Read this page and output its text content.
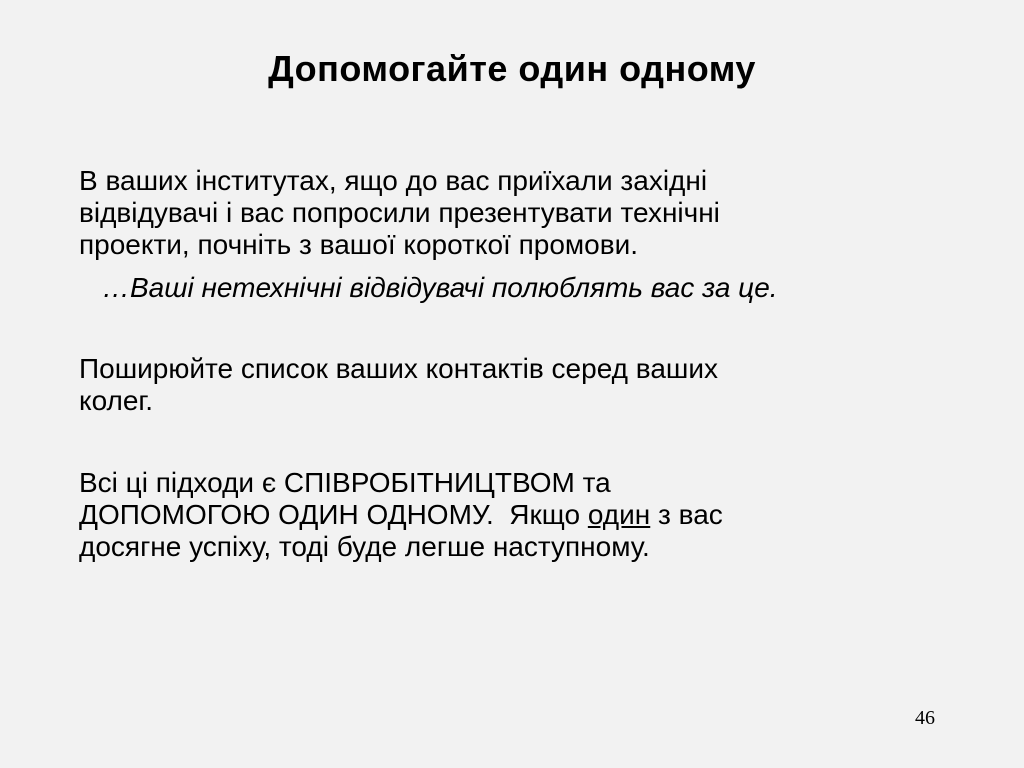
Допомогайте один одному
В ваших інститутах, ящо до вас приїхали західні
відвідувачі і вас попросили презентувати технічні
проекти, почніть з вашої короткої промови.
…Ваші нетехнічні відвідувачі полюблять вас за це.
Поширюйте список ваших контактів серед ваших
колег.
Всі ці підходи є СПІВРОБІТНИЦТВОМ та
ДОПОМОГОЮ ОДИН ОДНОМУ.  Якщо один з вас
досягне успіху, тоді буде легше наступному.
46
